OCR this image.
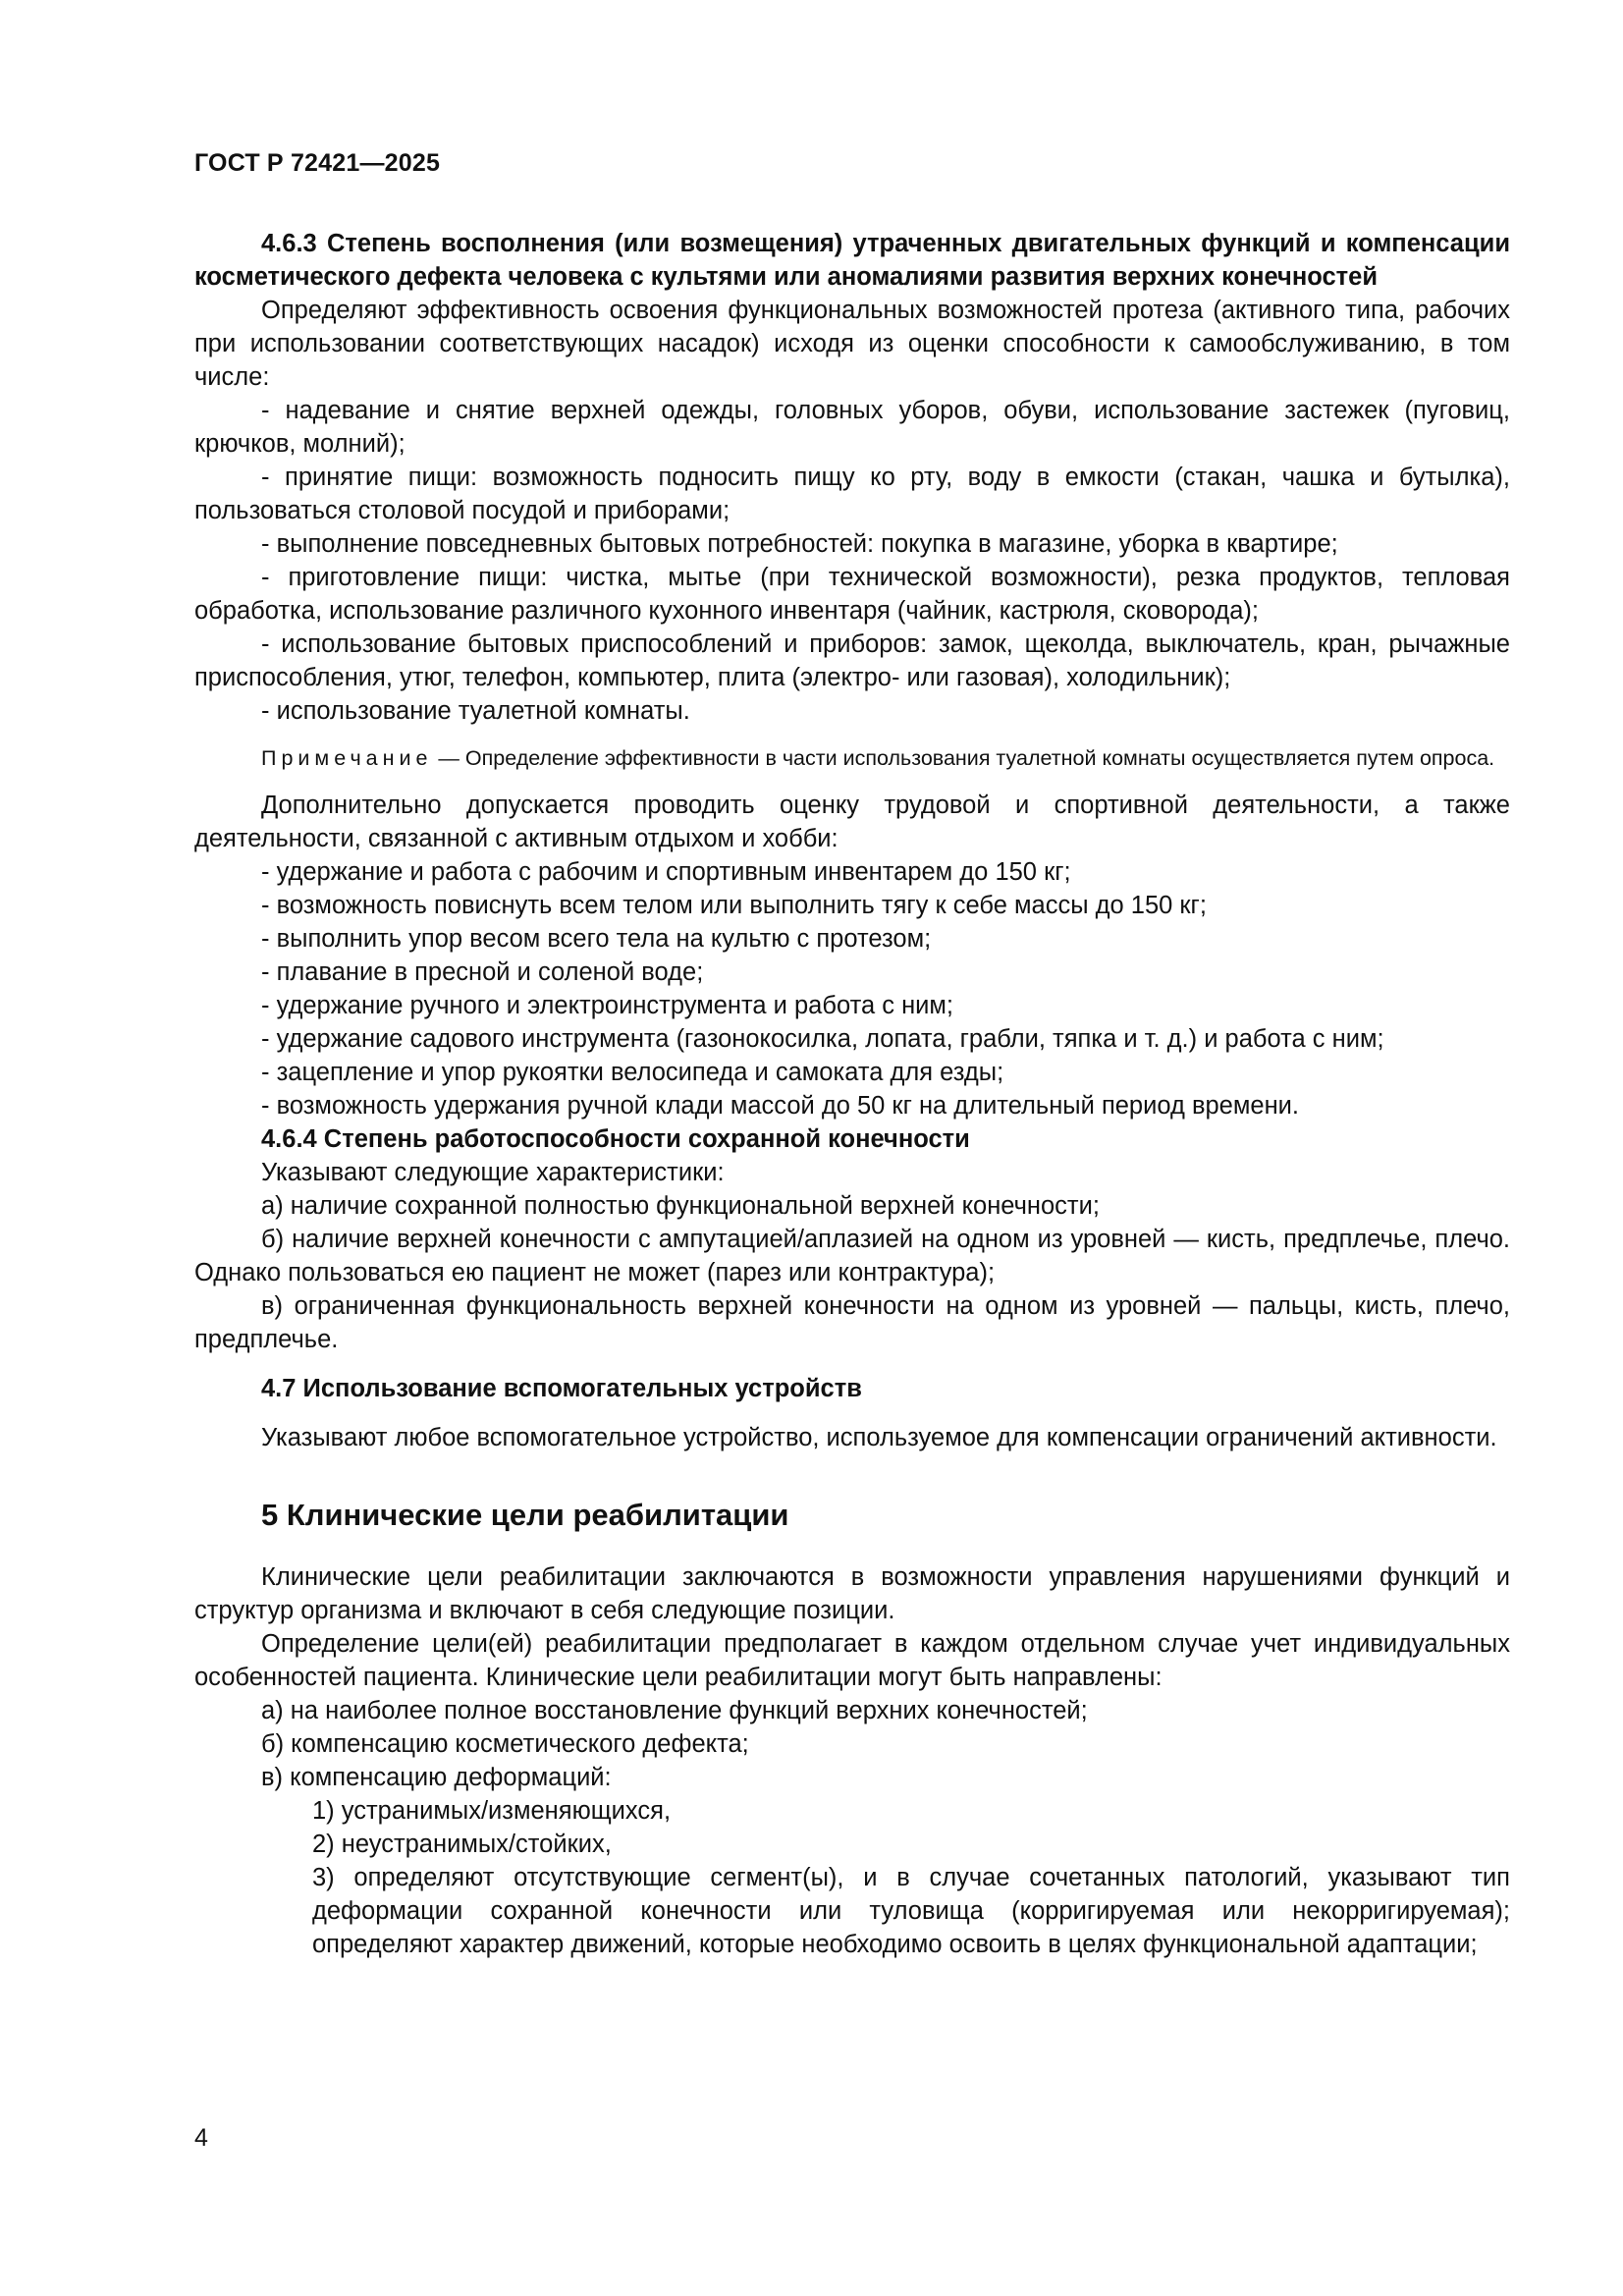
ГОСТ Р 72421—2025

4.6.3 Степень восполнения (или возмещения) утраченных двигательных функций и компенсации косметического дефекта человека с культями или аномалиями развития верхних конечностей

Определяют эффективность освоения функциональных возможностей протеза (активного типа, рабочих при использовании соответствующих насадок) исходя из оценки способности к самообслуживанию, в том числе:

- надевание и снятие верхней одежды, головных уборов, обуви, использование застежек (пуговиц, крючков, молний);

- принятие пищи: возможность подносить пищу ко рту, воду в емкости (стакан, чашка и бутылка), пользоваться столовой посудой и приборами;

- выполнение повседневных бытовых потребностей: покупка в магазине, уборка в квартире;

- приготовление пищи: чистка, мытье (при технической возможности), резка продуктов, тепловая обработка, использование различного кухонного инвентаря (чайник, кастрюля, сковорода);

- использование бытовых приспособлений и приборов: замок, щеколда, выключатель, кран, рычажные приспособления, утюг, телефон, компьютер, плита (электро- или газовая), холодильник);

- использование туалетной комнаты.

Примечание — Определение эффективности в части использования туалетной комнаты осуществляется путем опроса.

Дополнительно допускается проводить оценку трудовой и спортивной деятельности, а также деятельности, связанной с активным отдыхом и хобби:

- удержание и работа с рабочим и спортивным инвентарем до 150 кг;

- возможность повиснуть всем телом или выполнить тягу к себе массы до 150 кг;

- выполнить упор весом всего тела на культю с протезом;

- плавание в пресной и соленой воде;

- удержание ручного и электроинструмента и работа с ним;

- удержание садового инструмента (газонокосилка, лопата, грабли, тяпка и т. д.) и работа с ним;

- зацепление и упор рукоятки велосипеда и самоката для езды;

- возможность удержания ручной клади массой до 50 кг на длительный период времени.

4.6.4 Степень работоспособности сохранной конечности

Указывают следующие характеристики:

а) наличие сохранной полностью функциональной верхней конечности;

б) наличие верхней конечности с ампутацией/аплазией на одном из уровней — кисть, предплечье, плечо. Однако пользоваться ею пациент не может (парез или контрактура);

в) ограниченная функциональность верхней конечности на одном из уровней — пальцы, кисть, плечо, предплечье.

4.7 Использование вспомогательных устройств

Указывают любое вспомогательное устройство, используемое для компенсации ограничений активности.

5 Клинические цели реабилитации

Клинические цели реабилитации заключаются в возможности управления нарушениями функций и структур организма и включают в себя следующие позиции.

Определение цели(ей) реабилитации предполагает в каждом отдельном случае учет индивидуальных особенностей пациента. Клинические цели реабилитации могут быть направлены:

а) на наиболее полное восстановление функций верхних конечностей;

б) компенсацию косметического дефекта;

в) компенсацию деформаций:

1) устранимых/изменяющихся,

2) неустранимых/стойких,

3) определяют отсутствующие сегмент(ы), и в случае сочетанных патологий, указывают тип деформации сохранной конечности или туловища (корригируемая или некорригируемая); определяют характер движений, которые необходимо освоить в целях функциональной адаптации;

4
